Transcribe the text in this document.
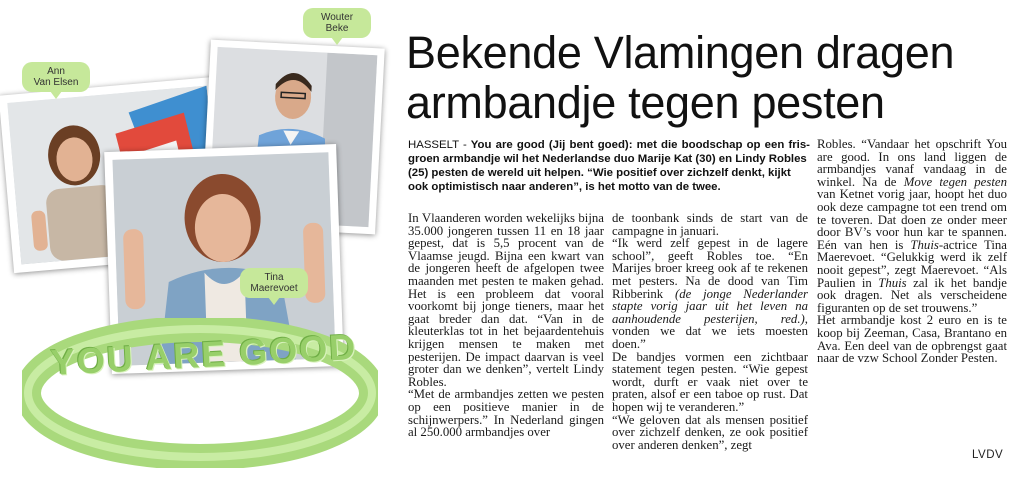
Ann
Van Elsen
Wouter
Beke
Tina
Maerevoet
YOU ARE GOOD
Bekende Vlamingen dragen
armbandje tegen pesten
HASSELT - You are good (Jij bent goed): met die boodschap op een fris-
groen armbandje wil het Nederlandse duo Marije Kat (30) en Lindy Robles (25) pesten de wereld uit helpen. “Wie positief over zichzelf denkt, kijkt ook optimistisch naar anderen”, is het motto van de twee.

In Vlaanderen worden wekelijks bijna 35.000 jongeren tussen 11 en 18 jaar gepest, dat is 5,5 procent van de Vlaamse jeugd. Bijna een kwart van de jongeren heeft de afgelopen twee maanden met pesten te maken gehad. Het is een probleem dat vooral voorkomt bij jonge tieners, maar het gaat breder dan dat. “Van in de kleuterklas tot in het bejaardentehuis krijgen mensen te maken met pesterijen. De impact daarvan is veel groter dan we denken”, vertelt Lindy Robles.
“Met de armbandjes zetten we pesten op een positieve manier in de schijnwerpers.” In Nederland gingen al 250.000 armbandjes over

de toonbank sinds de start van de campagne in januari.
“Ik werd zelf gepest in de lagere school”, geeft Robles toe. “En Marijes broer kreeg ook af te rekenen met pesters. Na de dood van Tim Ribberink (de jonge Nederlander stapte vorig jaar uit het leven na aanhoudende pesterijen, red.), vonden we dat we iets moesten doen.”
De bandjes vormen een zichtbaar statement tegen pesten. “Wie gepest wordt, durft er vaak niet over te praten, alsof er een taboe op rust. Dat hopen wij te veranderen.”
“We geloven dat als mensen positief over zichzelf denken, ze ook positief over anderen denken”, zegt

Robles. “Vandaar het opschrift You are good. In ons land liggen de armbandjes vanaf vandaag in de winkel. Na de Move tegen pesten van Ketnet vorig jaar, hoopt het duo ook deze campagne tot een trend om te toveren. Dat doen ze onder meer door BV’s voor hun kar te spannen. Eén van hen is Thuis-actrice Tina Maerevoet. “Gelukkig werd ik zelf nooit gepest”, zegt Maerevoet. “Als Paulien in Thuis zal ik het bandje ook dragen. Net als verscheidene figuranten op de set trouwens.”
Het armbandje kost 2 euro en is te koop bij Zeeman, Casa, Brantano en Ava. Een deel van de opbrengst gaat naar de vzw School Zonder Pesten.

LVDV
